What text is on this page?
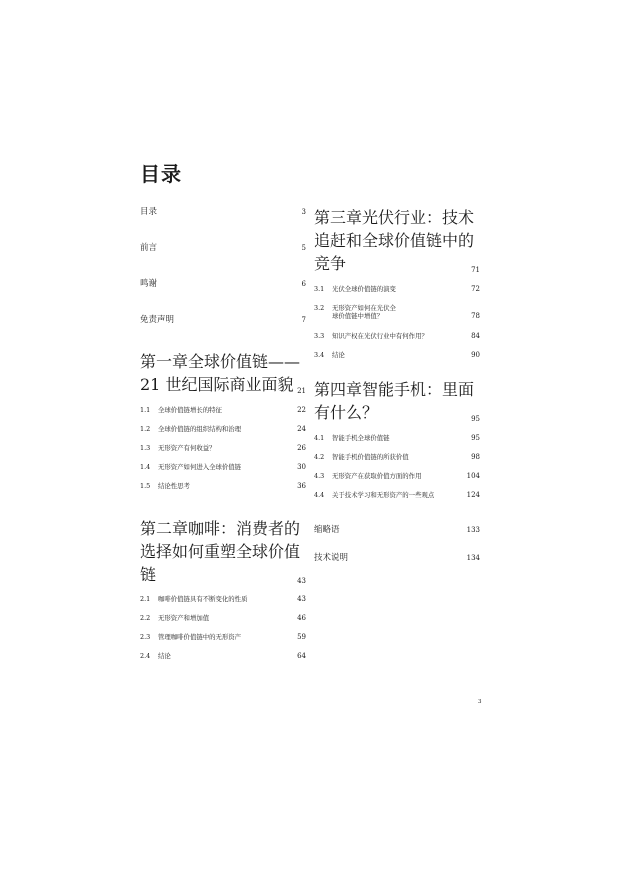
目录
目录	3
前言	5
鸣谢	6
免责声明	7
第一章全球价值链——21 世纪国际商业面貌 21
1.1 全球价值链增长的特征	22
1.2 全球价值链的组织结构和治理	24
1.3 无形资产有何收益？	26
1.4 无形资产如何进入全球价值链	30
1.5 结论性思考	36
第二章咖啡：消费者的选择如何重塑全球价值链	43
2.1 咖啡价值链具有不断变化的性质	43
2.2 无形资产和增加值	46
2.3 管理咖啡价值链中的无形资产	59
2.4 结论	64
第三章光伏行业：技术追赶和全球价值链中的竞争	71
3.1 光伏全球价值链的演变	72
3.2 无形资产如何在光伏全
球价值链中增值？	78
3.3 知识产权在光伏行业中有何作用？	84
3.4 结论	90
第四章智能手机：里面有什么？	95
4.1 智能手机全球价值链	95
4.2 智能手机价值链的所获价值	98
4.3 无形资产在获取价值方面的作用	104
4.4 关于技术学习和无形资产的一些观点	124
缩略语	133
技术说明	134
3
